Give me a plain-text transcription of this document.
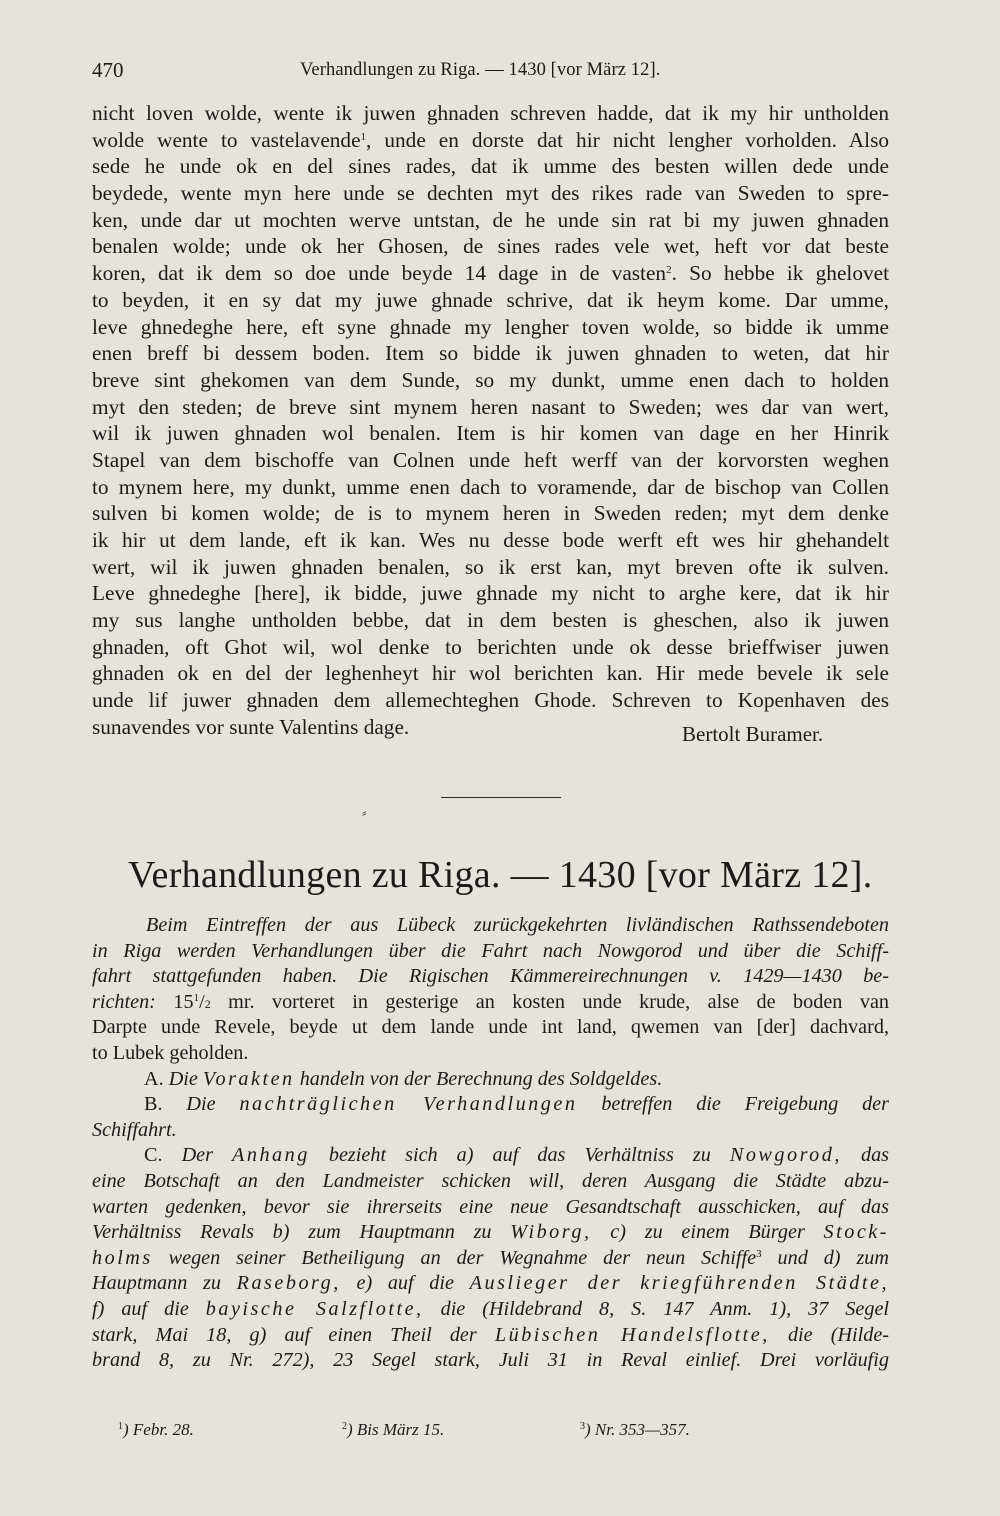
470	Verhandlungen zu Riga. — 1430 [vor März 12].
nicht loven wolde, wente ik juwen ghnaden schreven hadde, dat ik my hir untholden
wolde wente to vastelavende$^1$, unde en dorste dat hir nicht lengher vorholden. Also
sede he unde ok en del sines rades, dat ik umme des besten willen dede unde
beydede, wente myn here unde se dechten myt des rikes rade van Sweden to spre-
ken, unde dar ut mochten werve untstan, de he unde sin rat bi my juwen ghnaden
benalen wolde; unde ok her Ghosen, de sines rades vele wet, heft vor dat beste
koren, dat ik dem so doe unde beyde 14 dage in de vasten$^2$. So hebbe ik ghelovet
to beyden, it en sy dat my juwe ghnade schrive, dat ik heym kome. Dar umme,
leve ghnedeghe here, eft syne ghnade my lengher toven wolde, so bidde ik umme
enen breff bi dessem boden. Item so bidde ik juwen ghnaden to weten, dat hir
breve sint ghekomen van dem Sunde, so my dunkt, umme enen dach to holden
myt den steden; de breve sint mynem heren nasant to Sweden; wes dar van wert,
wil ik juwen ghnaden wol benalen. Item is hir komen van dage en her Hinrik
Stapel van dem bischoffe van Colnen unde heft werff van der korvorsten weghen
to mynem here, my dunkt, umme enen dach to voramende, dar de bischop van Collen
sulven bi komen wolde; de is to mynem heren in Sweden reden; myt dem denke
ik hir ut dem lande, eft ik kan. Wes nu desse bode werft eft wes hir ghehandelt
wert, wil ik juwen ghnaden benalen, so ik erst kan, myt breven ofte ik sulven.
Leve ghnedeghe [here], ik bidde, juwe ghnade my nicht to arghe kere, dat ik hir
my sus langhe untholden bebbe, dat in dem besten is gheschen, also ik juwen
ghnaden, oft Ghot wil, wol denke to berichten unde ok desse brieffwiser juwen
ghnaden ok en del der leghenheyt hir wol berichten kan. Hir mede bevele ik sele
unde lif juwer ghnaden dem allemechteghen Ghode. Schreven to Kopenhaven des
sunavendes vor sunte Valentins dage.	Bertolt Buramer.
⸗
Verhandlungen zu Riga. — 1430 [vor März 12].
Beim Eintreffen der aus Lübeck zurückgekehrten livländischen Rathssendeboten
in Riga werden Verhandlungen über die Fahrt nach Nowgorod und über die Schiff-
fahrt stattgefunden haben. Die Rigischen Kämmereirechnungen v. 1429—1430 be-
richten: $15^1/2$ mr. vorteret in gesterige an kosten unde krude, alse de boden van
Darpte unde Revele, beyde ut dem lande unde int land, qwemen van [der] dachvard,
to Lubek geholden.
A. Die Vorakten handeln von der Berechnung des Soldgeldes.
B. Die nachträglichen Verhandlungen betreffen die Freigebung der
Schiffahrt.
C. Der Anhang bezieht sich a) auf das Verhältniss zu Nowgorod, das
eine Botschaft an den Landmeister schicken will, deren Ausgang die Städte abzu-
warten gedenken, bevor sie ihrerseits eine neue Gesandtschaft ausschicken, auf das
Verhältniss Revals b) zum Hauptmann zu Wiborg, c) zu einem Bürger Stock-
holms wegen seiner Betheiligung an der Wegnahme der neun Schiffe$^3$ und d) zum
Hauptmann zu Raseborg, e) auf die Auslieger der kriegführenden Städte,
f) auf die bayische Salzflotte, die (Hildebrand 8, S. 147 Anm. 1), 37 Segel
stark, Mai 18, g) auf einen Theil der Lübischen Handelsflotte, die (Hilde-
brand 8, zu Nr. 272), 23 Segel stark, Juli 31 in Reval einlief. Drei vorläufig
$^1$) Febr. 28.	$^2$) Bis März 15.	$^3$) Nr. 353—357.
